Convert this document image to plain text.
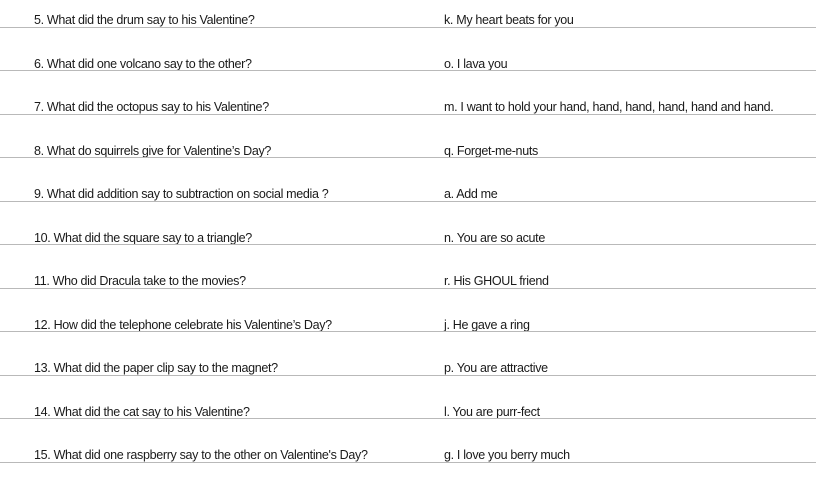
5. What did the drum say to his Valentine?	k. My heart beats for you
6. What did one volcano say to the other?	o. I lava you
7. What did the octopus say to his Valentine?	m. I want to hold your hand, hand, hand, hand, hand and hand.
8. What do squirrels give for Valentine’s Day?	q. Forget-me-nuts
9. What did addition say to subtraction on social media ?	a. Add me
10. What did the square say to a triangle?	n. You are so acute
11. Who did Dracula take to the movies?	r. His GHOUL friend
12. How did the telephone celebrate his Valentine’s Day?	j. He gave a ring
13. What did the paper clip say to the magnet?	p. You are attractive
14. What did the cat say to his Valentine?	l. You are purr-fect
15. What did one raspberry say to the other on Valentine's Day?	g. I love you berry much
